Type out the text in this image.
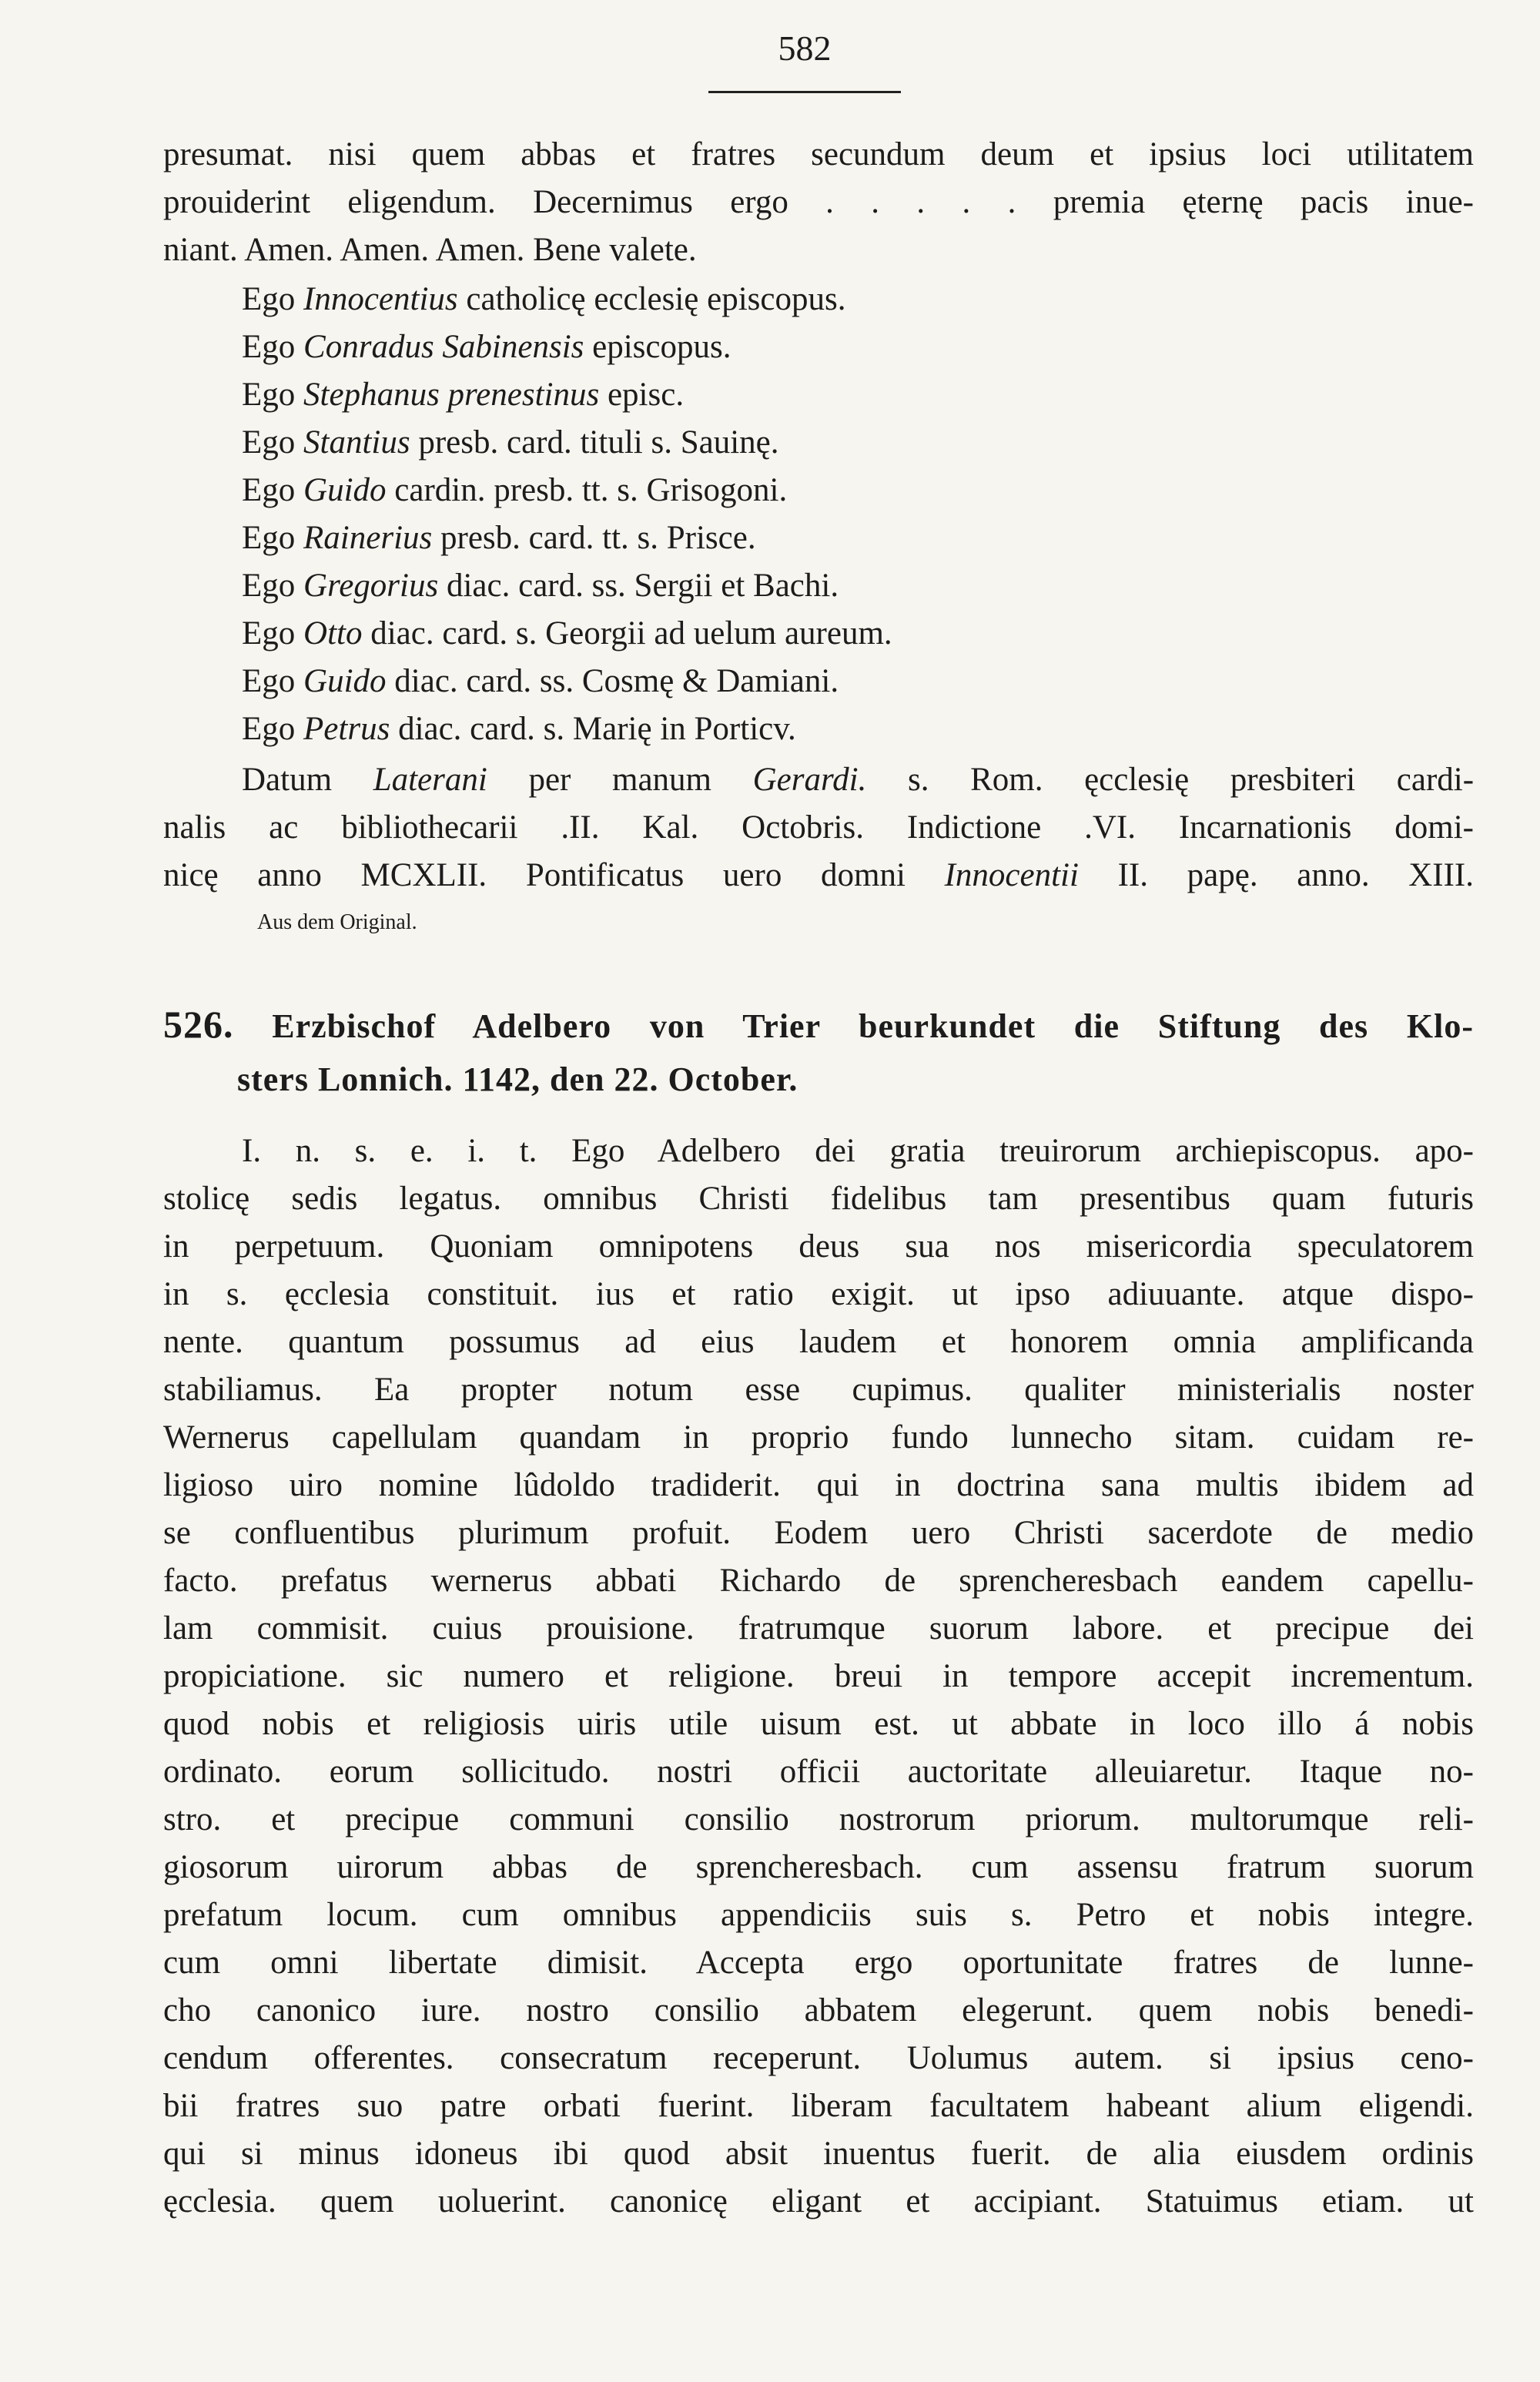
582
presumat. nisi quem abbas et fratres secundum deum et ipsius loci utilitatem
prouiderint eligendum. Decernimus ergo . . . . . premia ęternę pacis inue-
niant. Amen. Amen. Amen. Bene valete.
Ego Innocentius catholicę ecclesię episcopus.
Ego Conradus Sabinensis episcopus.
Ego Stephanus prenestinus episc.
Ego Stantius presb. card. tituli s. Sauinę.
Ego Guido cardin. presb. tt. s. Grisogoni.
Ego Rainerius presb. card. tt. s. Prisce.
Ego Gregorius diac. card. ss. Sergii et Bachi.
Ego Otto diac. card. s. Georgii ad uelum aureum.
Ego Guido diac. card. ss. Cosmę & Damiani.
Ego Petrus diac. card. s. Marię in Porticv.
Datum Laterani per manum Gerardi. s. Rom. ęcclesię presbiteri cardi-
nalis ac bibliothecarii .II. Kal. Octobris. Indictione .VI. Incarnationis domi-
nicę anno MCXLII. Pontificatus uero domni Innocentii II. papę. anno. XIII.
Aus dem Original.
526. Erzbischof Adelbero von Trier beurkundet die Stiftung des Klo-
sters Lonnich. 1142, den 22. October.
I. n. s. e. i. t. Ego Adelbero dei gratia treuirorum archiepiscopus. apo-
stolicę sedis legatus. omnibus Christi fidelibus tam presentibus quam futuris
in perpetuum. Quoniam omnipotens deus sua nos misericordia speculatorem
in s. ęcclesia constituit. ius et ratio exigit. ut ipso adiuuante. atque dispo-
nente. quantum possumus ad eius laudem et honorem omnia amplificanda
stabiliamus. Ea propter notum esse cupimus. qualiter ministerialis noster
Wernerus capellulam quandam in proprio fundo lunnecho sitam. cuidam re-
ligioso uiro nomine lûdoldo tradiderit. qui in doctrina sana multis ibidem ad
se confluentibus plurimum profuit. Eodem uero Christi sacerdote de medio
facto. prefatus wernerus abbati Richardo de sprencheresbach eandem capellu-
lam commisit. cuius prouisione. fratrumque suorum labore. et precipue dei
propiciatione. sic numero et religione. breui in tempore accepit incrementum.
quod nobis et religiosis uiris utile uisum est. ut abbate in loco illo á nobis
ordinato. eorum sollicitudo. nostri officii auctoritate alleuiaretur. Itaque no-
stro. et precipue communi consilio nostrorum priorum. multorumque reli-
giosorum uirorum abbas de sprencheresbach. cum assensu fratrum suorum
prefatum locum. cum omnibus appendiciis suis s. Petro et nobis integre.
cum omni libertate dimisit. Accepta ergo oportunitate fratres de lunne-
cho canonico iure. nostro consilio abbatem elegerunt. quem nobis benedi-
cendum offerentes. consecratum receperunt. Uolumus autem. si ipsius ceno-
bii fratres suo patre orbati fuerint. liberam facultatem habeant alium eligendi.
qui si minus idoneus ibi quod absit inuentus fuerit. de alia eiusdem ordinis
ęcclesia. quem uoluerint. canonicę eligant et accipiant. Statuimus etiam. ut
